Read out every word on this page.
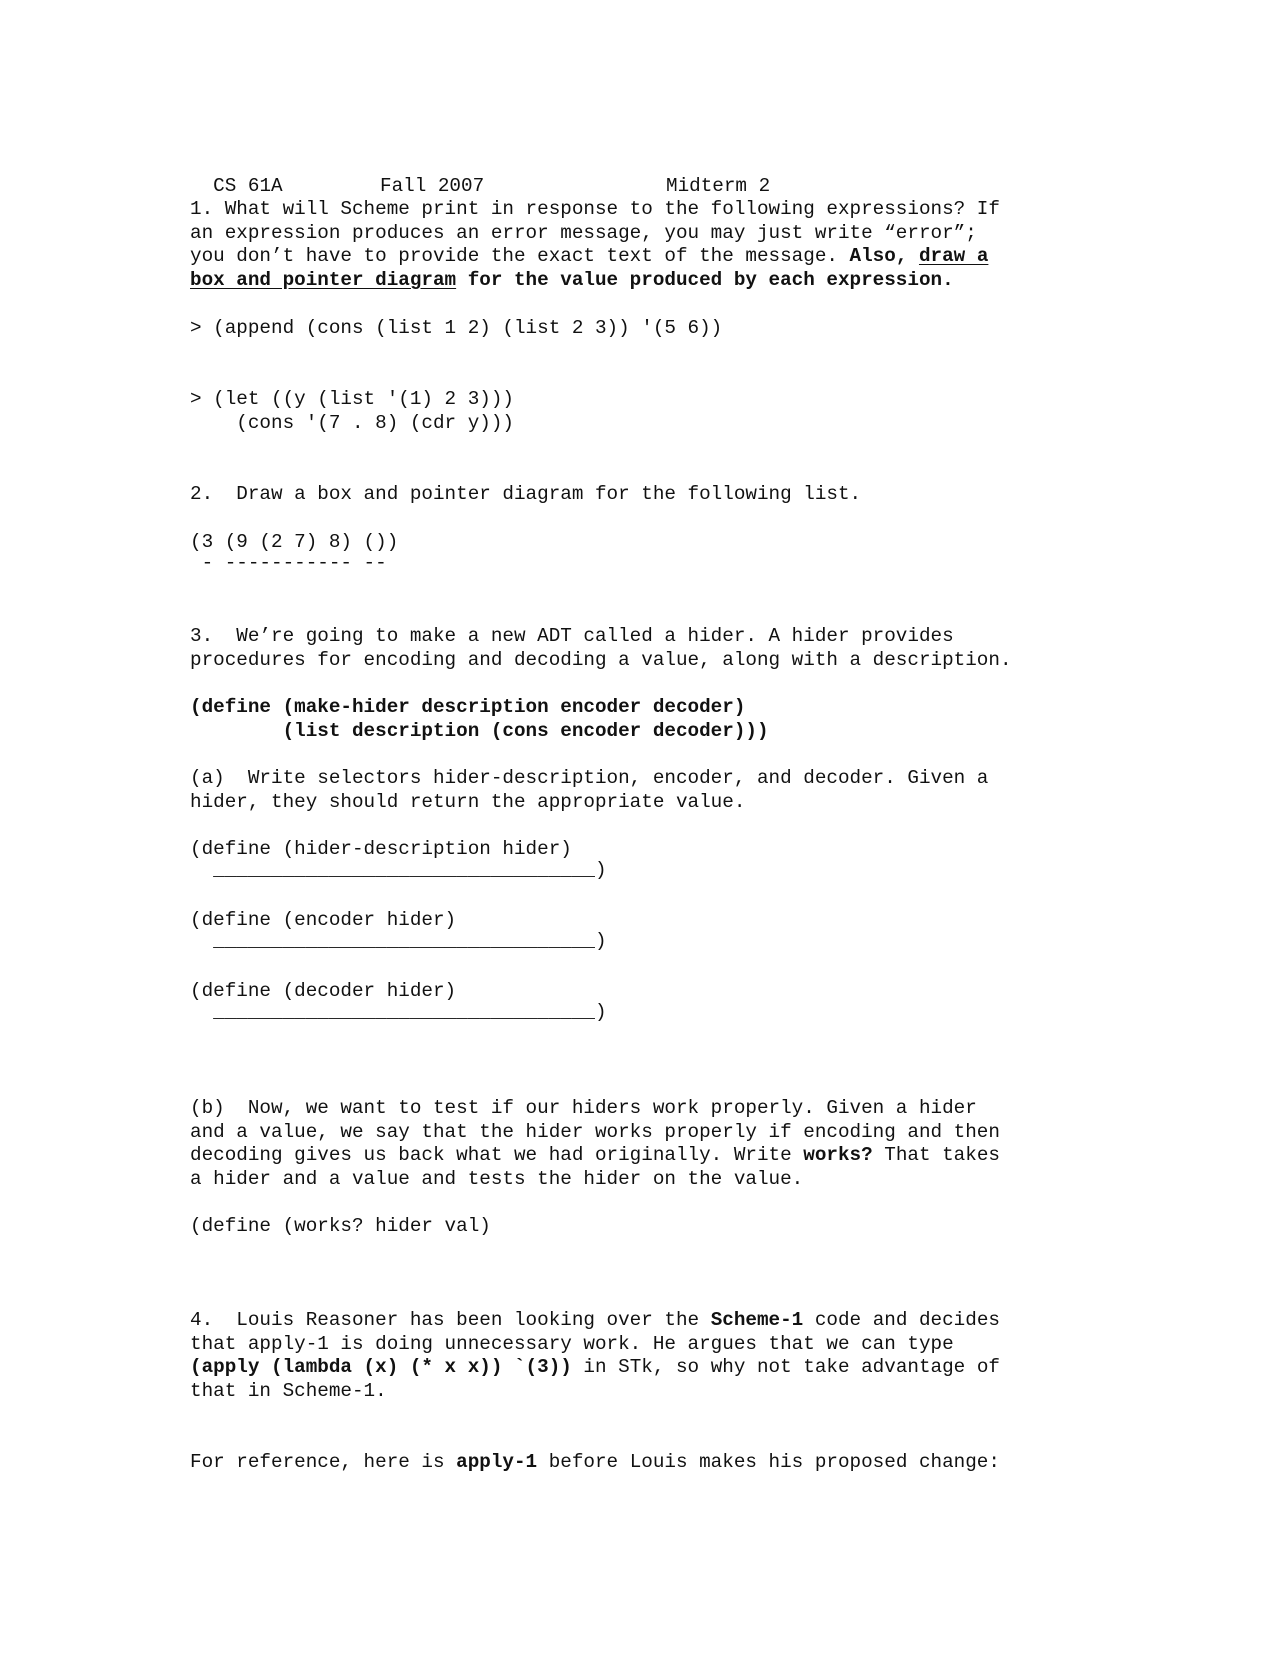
CS 61A	Fall 2007	Midterm 2

1. What will Scheme print in response to the following expressions? If
an expression produces an error message, you may just write “error”;
you don’t have to provide the exact text of the message. Also, draw a
box and pointer diagram for the value produced by each expression.
> (append (cons (list 1 2) (list 2 3)) '(5 6))
> (let ((y (list '(1) 2 3)))
(cons '(7 . 8) (cdr y)))
2.  Draw a box and pointer diagram for the following list.
(3 (9 (2 7) 8) ())
- ----------- --
3.  We’re going to make a new ADT called a hider. A hider provides
procedures for encoding and decoding a value, along with a description.
(define (make-hider description encoder decoder)
(list description (cons encoder decoder)))
(a)  Write selectors hider-description, encoder, and decoder. Given a
hider, they should return the appropriate value.
(define (hider-description hider)
_________________________________)
(define (encoder hider)
_________________________________)
(define (decoder hider)
_________________________________)
(b)  Now, we want to test if our hiders work properly. Given a hider
and a value, we say that the hider works properly if encoding and then
decoding gives us back what we had originally. Write works? That takes
a hider and a value and tests the hider on the value.
(define (works? hider val)
4.  Louis Reasoner has been looking over the Scheme-1 code and decides
that apply-1 is doing unnecessary work. He argues that we can type
(apply (lambda (x) (* x x)) `(3)) in STk, so why not take advantage of
that in Scheme-1.
For reference, here is apply-1 before Louis makes his proposed change:
